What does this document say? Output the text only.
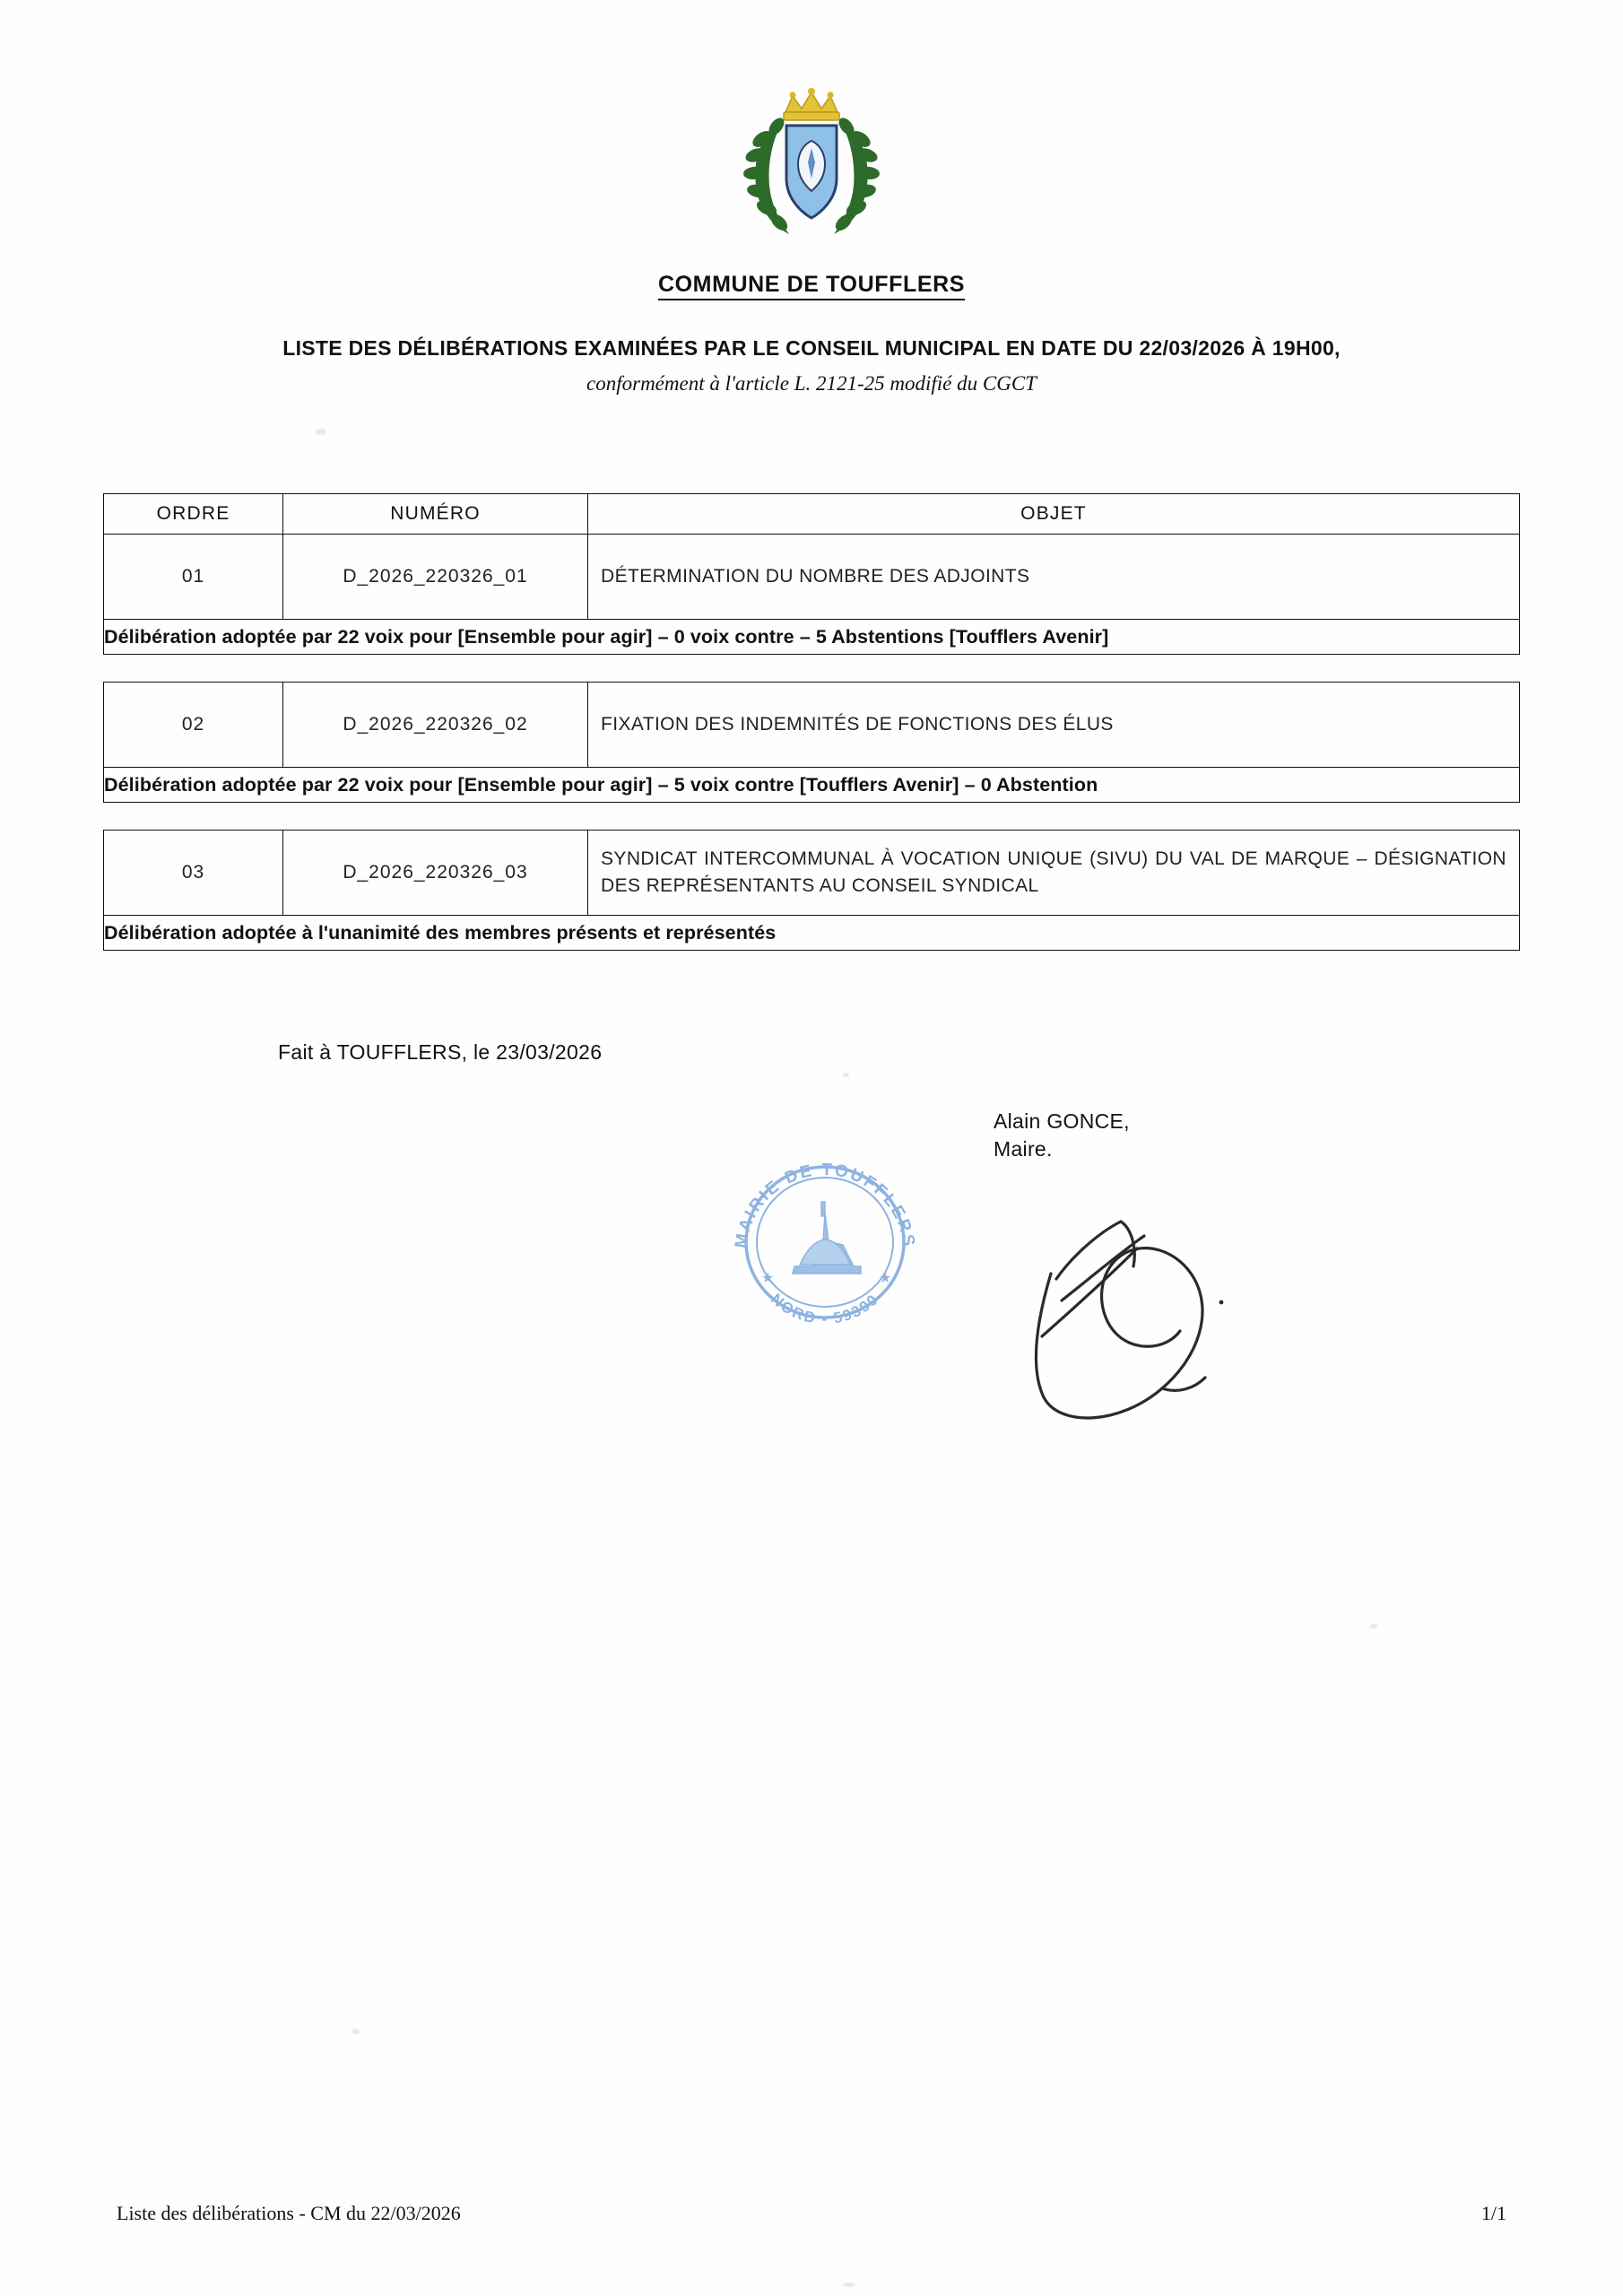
COMMUNE DE TOUFFLERS
LISTE DES DÉLIBÉRATIONS EXAMINÉES PAR LE CONSEIL MUNICIPAL EN DATE DU 22/03/2026 À 19H00,
conformément à l'article L. 2121-25 modifié du CGCT
ORDRE	NUMÉRO	OBJET
01	D_2026_220326_01	DÉTERMINATION DU NOMBRE DES ADJOINTS
Délibération adoptée par 22 voix pour [Ensemble pour agir] – 0 voix contre – 5 Abstentions [Toufflers Avenir]		
02	D_2026_220326_02	FIXATION DES INDEMNITÉS DE FONCTIONS DES ÉLUS
Délibération adoptée par 22 voix pour [Ensemble pour agir] – 5 voix contre [Toufflers Avenir] – 0 Abstention
03	D_2026_220326_03	SYNDICAT INTERCOMMUNAL À VOCATION UNIQUE (SIVU) DU VAL DE MARQUE – DÉSIGNATION DES REPRÉSENTANTS AU CONSEIL SYNDICAL
Délibération adoptée à l'unanimité des membres présents et représentés
Fait à TOUFFLERS, le 23/03/2026
Alain GONCE,
Maire.
MAIRIE DE TOUFFLERS
NORD - 59390
★	★
Liste des délibérations - CM du 22/03/2026	1/1
